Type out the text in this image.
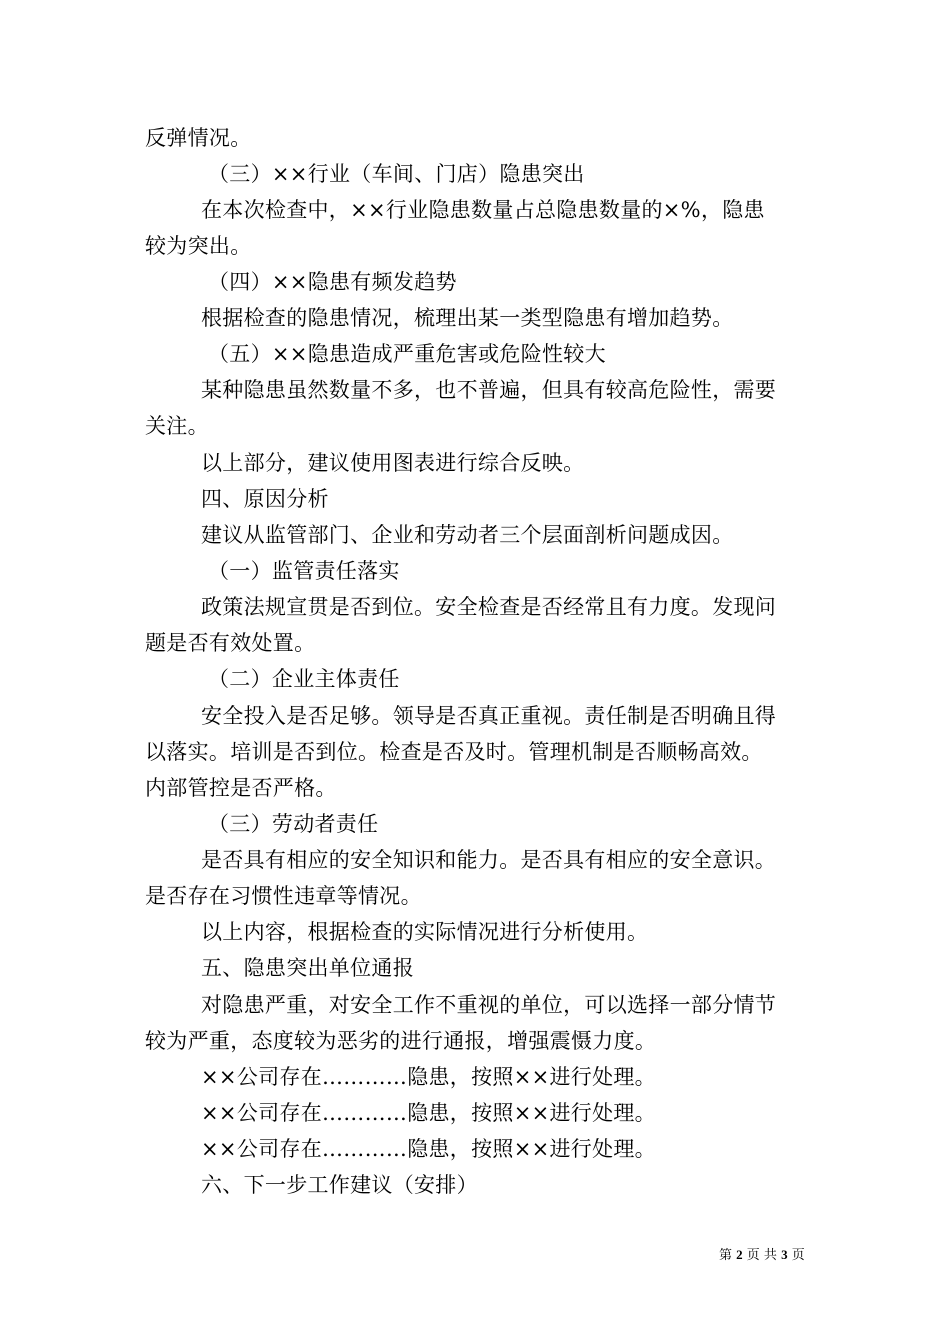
反弹情况。
（三）××行业（车间、门店）隐患突出
在本次检查中，××行业隐患数量占总隐患数量的×%，隐患
较为突出。
（四）××隐患有频发趋势
根据检查的隐患情况，梳理出某一类型隐患有增加趋势。
（五）××隐患造成严重危害或危险性较大
某种隐患虽然数量不多，也不普遍，但具有较高危险性，需要
关注。
以上部分，建议使用图表进行综合反映。
四、原因分析
建议从监管部门、企业和劳动者三个层面剖析问题成因。
（一）监管责任落实
政策法规宣贯是否到位。安全检查是否经常且有力度。发现问
题是否有效处置。
（二）企业主体责任
安全投入是否足够。领导是否真正重视。责任制是否明确且得
以落实。培训是否到位。检查是否及时。管理机制是否顺畅高效。
内部管控是否严格。
（三）劳动者责任
是否具有相应的安全知识和能力。是否具有相应的安全意识。
是否存在习惯性违章等情况。
以上内容，根据检查的实际情况进行分析使用。
五、隐患突出单位通报
对隐患严重，对安全工作不重视的单位，可以选择一部分情节
较为严重，态度较为恶劣的进行通报，增强震慑力度。
××公司存在…………隐患，按照××进行处理。
××公司存在…………隐患，按照××进行处理。
××公司存在…………隐患，按照××进行处理。
六、下一步工作建议（安排）
第 2 页 共 3 页
